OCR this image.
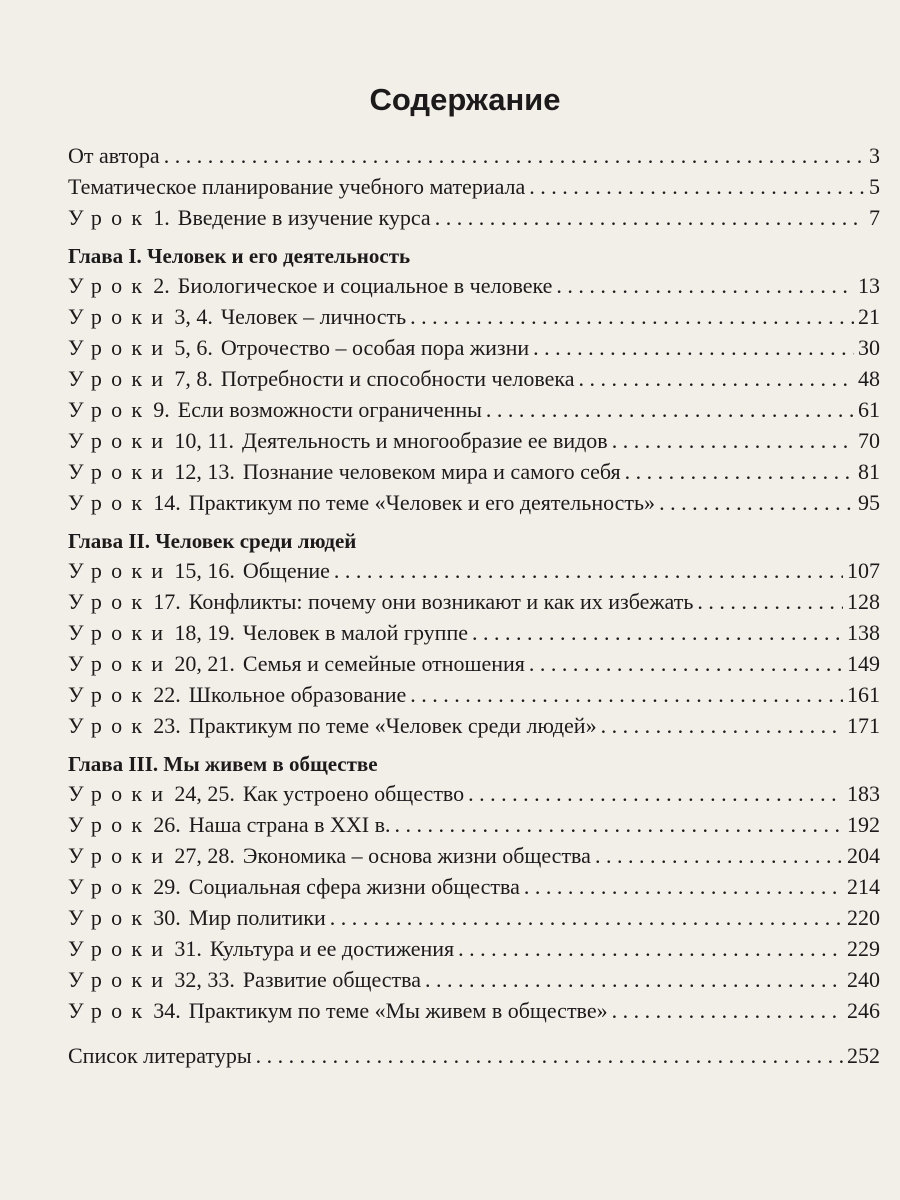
Содержание
От автора . . .	3
Тематическое планирование учебного материала . . .	5
Урок 1. Введение в изучение курса . . .	7
Глава I. Человек и его деятельность
Урок 2. Биологическое и социальное в человеке . . .	13
Уроки 3, 4. Человек – личность . . .	21
Уроки 5, 6. Отрочество – особая пора жизни . . .	30
Уроки 7, 8. Потребности и способности человека . . .	48
Урок 9. Если возможности ограниченны . . .	61
Уроки 10, 11. Деятельность и многообразие ее видов . . .	70
Уроки 12, 13. Познание человеком мира и самого себя . . .	81
Урок 14. Практикум по теме «Человек и его деятельность» . . .	95
Глава II. Человек среди людей
Уроки 15, 16. Общение . . .	107
Урок 17. Конфликты: почему они возникают и как их избежать . . .	128
Уроки 18, 19. Человек в малой группе . . .	138
Уроки 20, 21. Семья и семейные отношения . . .	149
Урок 22. Школьное образование . . .	161
Урок 23. Практикум по теме «Человек среди людей» . . .	171
Глава III. Мы живем в обществе
Уроки 24, 25. Как устроено общество . . .	183
Урок 26. Наша страна в XXI в. . . .	192
Уроки 27, 28. Экономика – основа жизни общества . . .	204
Урок 29. Социальная сфера жизни общества . . .	214
Урок 30. Мир политики . . .	220
Уроки 31. Культура и ее достижения . . .	229
Уроки 32, 33. Развитие общества . . .	240
Урок 34. Практикум по теме «Мы живем в обществе» . . .	246
Список литературы . . .	252
